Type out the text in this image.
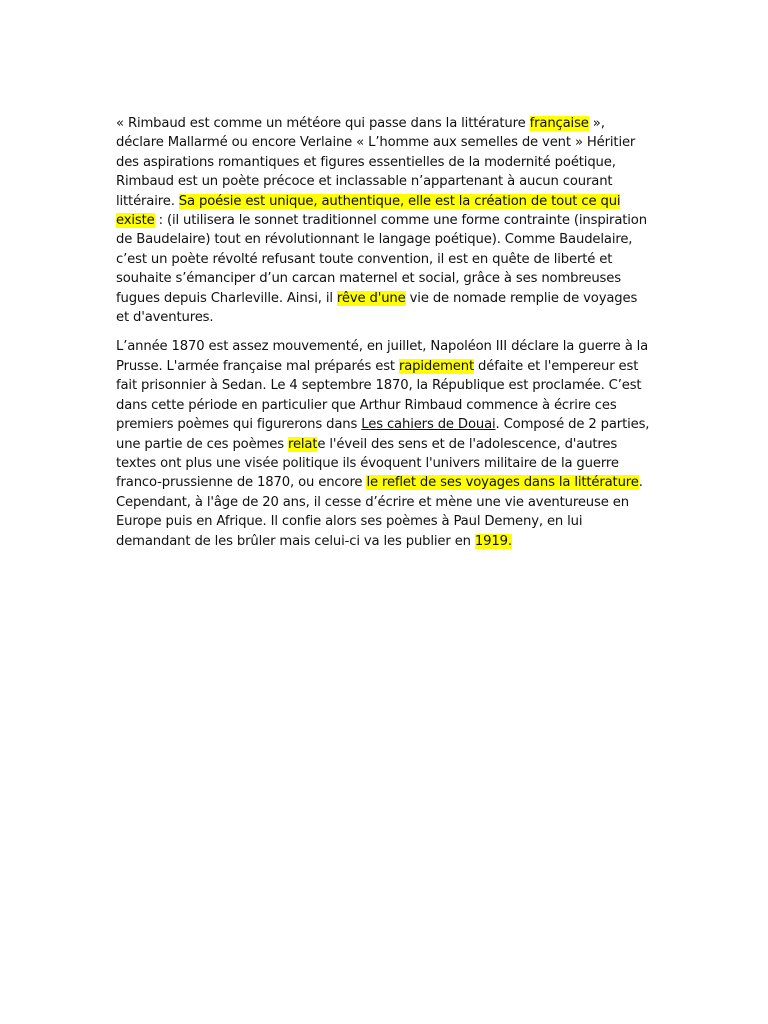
« Rimbaud est comme un météore qui passe dans la littérature française », déclare Mallarmé ou encore Verlaine « L’homme aux semelles de vent » Héritier des aspirations romantiques et figures essentielles de la modernité poétique, Rimbaud est un poète précoce et inclassable n’appartenant à aucun courant littéraire. Sa poésie est unique, authentique, elle est la création de tout ce qui existe : (il utilisera le sonnet traditionnel comme une forme contrainte (inspiration de Baudelaire) tout en révolutionnant le langage poétique). Comme Baudelaire, c’est un poète révolté refusant toute convention, il est en quête de liberté et souhaite s’émanciper d’un carcan maternel et social, grâce à ses nombreuses fugues depuis Charleville. Ainsi, il rêve d'une vie de nomade remplie de voyages et d'aventures.

L’année 1870 est assez mouvementé, en juillet, Napoléon III déclare la guerre à la Prusse. L'armée française mal préparés est rapidement défaite et l'empereur est fait prisonnier à Sedan. Le 4 septembre 1870, la République est proclamée. C’est dans cette période en particulier que Arthur Rimbaud commence à écrire ces premiers poèmes qui figurerons dans Les cahiers de Douai. Composé de 2 parties, une partie de ces poèmes relate l'éveil des sens et de l'adolescence, d'autres textes ont plus une visée politique ils évoquent l'univers militaire de la guerre franco-prussienne de 1870, ou encore le reflet de ses voyages dans la littérature. Cependant, à l'âge de 20 ans, il cesse d’écrire et mène une vie aventureuse en Europe puis en Afrique. Il confie alors ses poèmes à Paul Demeny, en lui demandant de les brûler mais celui-ci va les publier en 1919.
